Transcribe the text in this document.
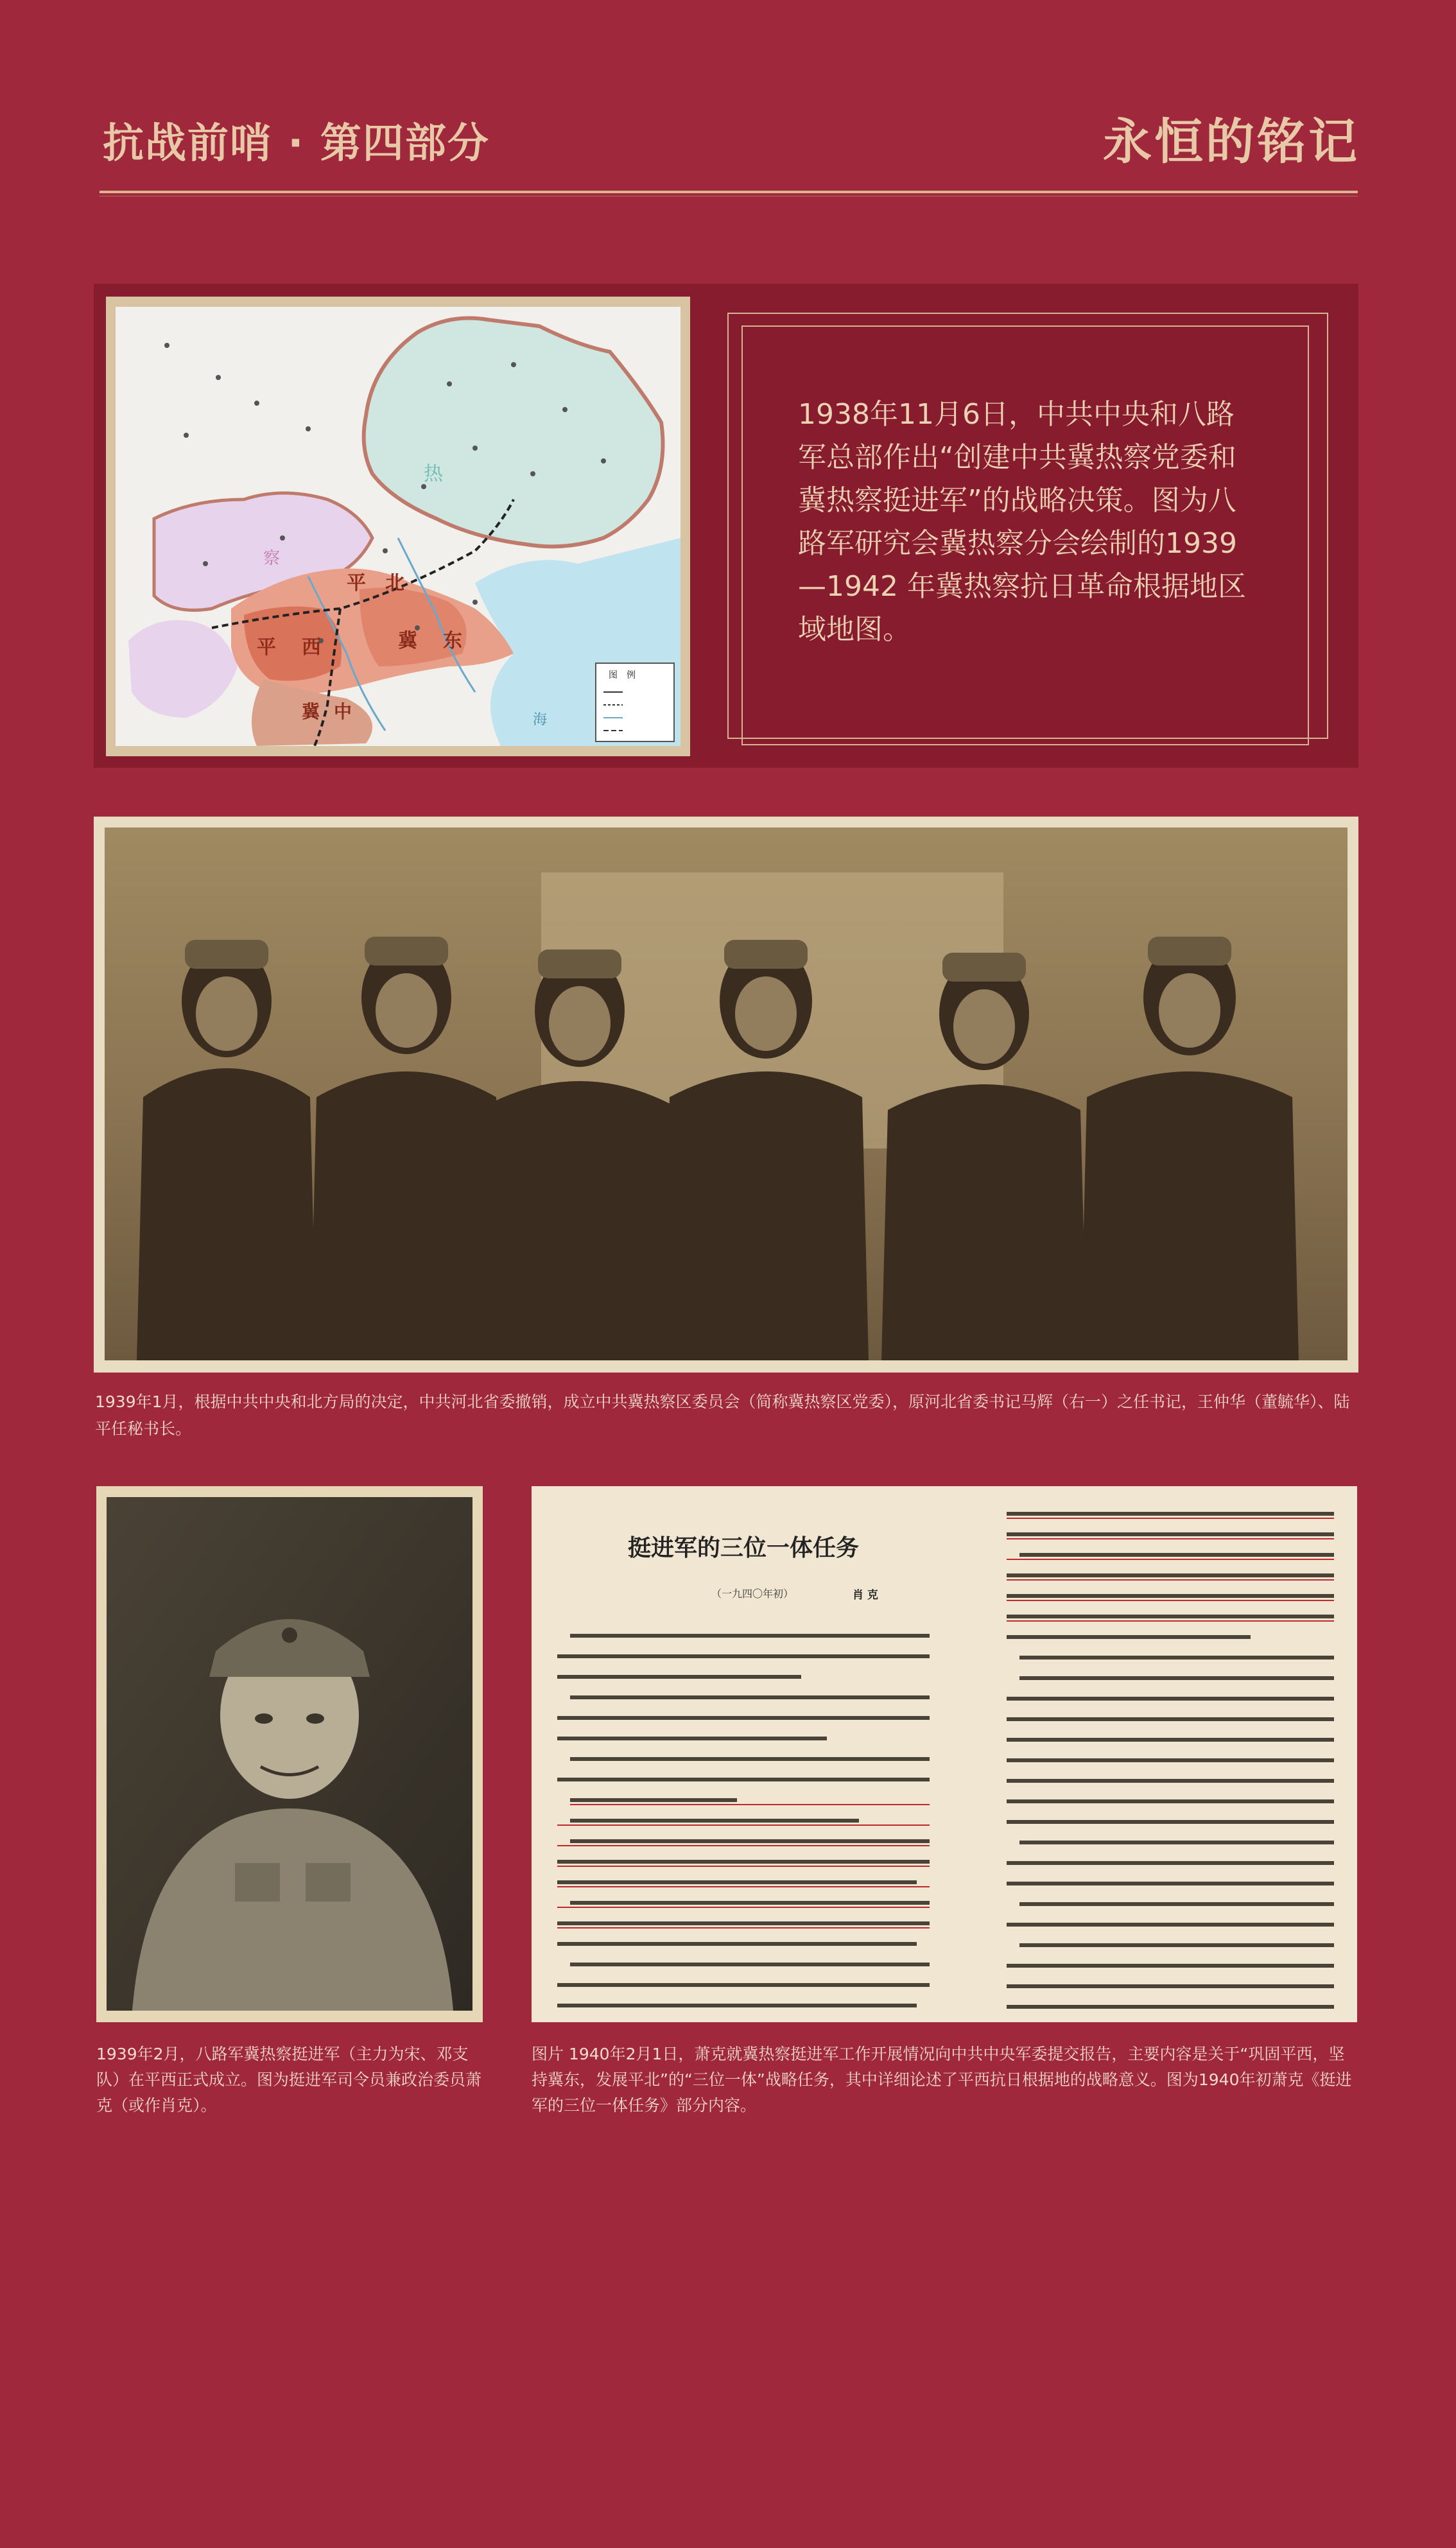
抗战前哨 · 第四部分	永恒的铭记
察
热
平 北
平 西	冀 东
冀 中	海
图　例
1938年11月6日，中共中央和八路军总部作出“创建中共冀热察党委和冀热察挺进军”的战略决策。图为八路军研究会冀热察分会绘制的1939—1942 年冀热察抗日革命根据地区域地图。
1939年1月，根据中共中央和北方局的决定，中共河北省委撤销，成立中共冀热察区委员会（简称冀热察区党委），原河北省委书记马辉（右一）之任书记，王仲华（董毓华）、陆平任秘书长。
1939年2月，八路军冀热察挺进军（主力为宋、邓支队）在平西正式成立。图为挺进军司令员兼政治委员萧克（或作肖克）。
挺进军的三位一体任务
（一九四〇年初）	肖 克
图片 1940年2月1日，萧克就冀热察挺进军工作开展情况向中共中央军委提交报告，主要内容是关于“巩固平西，坚持冀东，发展平北”的“三位一体”战略任务，其中详细论述了平西抗日根据地的战略意义。图为1940年初萧克《挺进军的三位一体任务》部分内容。
